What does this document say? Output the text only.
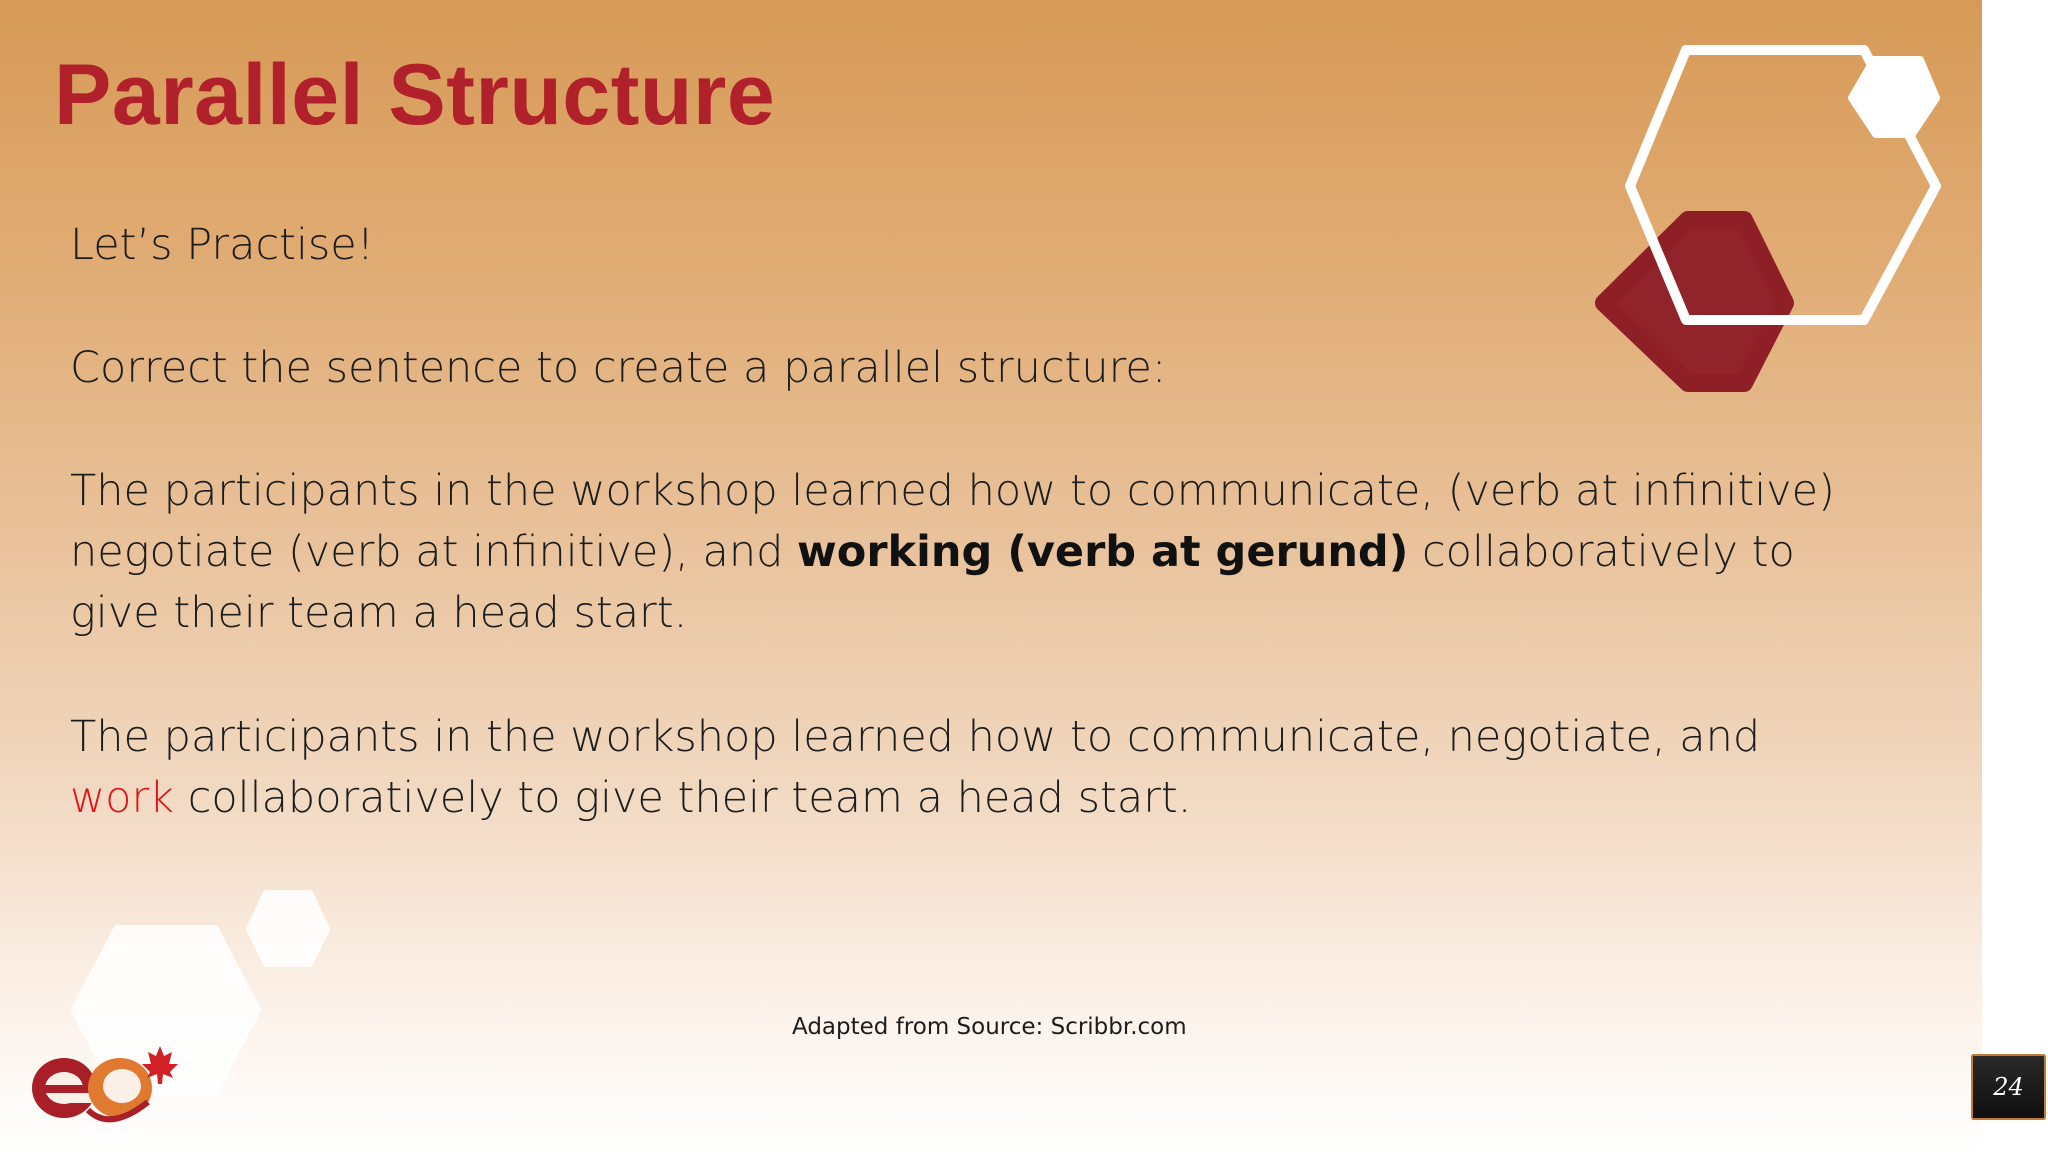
Parallel Structure

Let’s Practise!

Correct the sentence to create a parallel structure:

The participants in the workshop learned how to communicate, (verb at infinitive) negotiate (verb at infinitive), and working (verb at gerund) collaboratively to give their team a head start.

The participants in the workshop learned how to communicate, negotiate, and work collaboratively to give their team a head start.

Adapted from Source: Scribbr.com

24
